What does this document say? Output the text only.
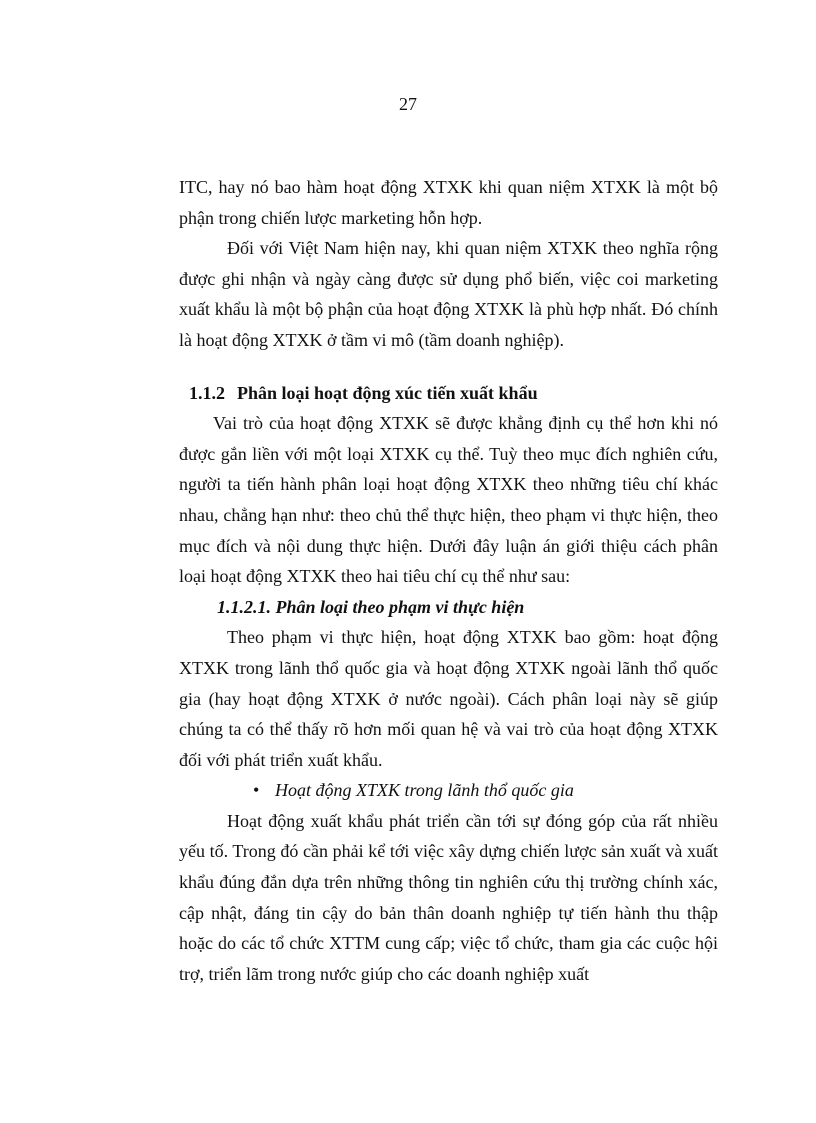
27

ITC, hay nó bao hàm hoạt động XTXK khi quan niệm XTXK là một bộ phận trong chiến lược marketing hỗn hợp.

Đối với Việt Nam hiện nay, khi quan niệm XTXK theo nghĩa rộng được ghi nhận và ngày càng được sử dụng phổ biến, việc coi marketing xuất khẩu là một bộ phận của hoạt động XTXK là phù hợp nhất. Đó chính là hoạt động XTXK ở tầm vi mô (tầm doanh nghiệp).

1.1.2 Phân loại hoạt động xúc tiến xuất khẩu

Vai trò của hoạt động XTXK sẽ được khẳng định cụ thể hơn khi nó được gắn liền với một loại XTXK cụ thể. Tuỳ theo mục đích nghiên cứu, người ta tiến hành phân loại hoạt động XTXK theo những tiêu chí khác nhau, chẳng hạn như: theo chủ thể thực hiện, theo phạm vi thực hiện, theo mục đích và nội dung thực hiện. Dưới đây luận án giới thiệu cách phân loại hoạt động XTXK theo hai tiêu chí cụ thể như sau:

1.1.2.1. Phân loại theo phạm vi thực hiện

Theo phạm vi thực hiện, hoạt động XTXK bao gồm: hoạt động XTXK trong lãnh thổ quốc gia và hoạt động XTXK ngoài lãnh thổ quốc gia (hay hoạt động XTXK ở nước ngoài). Cách phân loại này sẽ giúp chúng ta có thể thấy rõ hơn mối quan hệ và vai trò của hoạt động XTXK đối với phát triển xuất khẩu.

• Hoạt động XTXK trong lãnh thổ quốc gia

Hoạt động xuất khẩu phát triển cần tới sự đóng góp của rất nhiều yếu tố. Trong đó cần phải kể tới việc xây dựng chiến lược sản xuất và xuất khẩu đúng đắn dựa trên những thông tin nghiên cứu thị trường chính xác, cập nhật, đáng tin cậy do bản thân doanh nghiệp tự tiến hành thu thập hoặc do các tổ chức XTTM cung cấp; việc tổ chức, tham gia các cuộc hội trợ, triển lãm trong nước giúp cho các doanh nghiệp xuất
